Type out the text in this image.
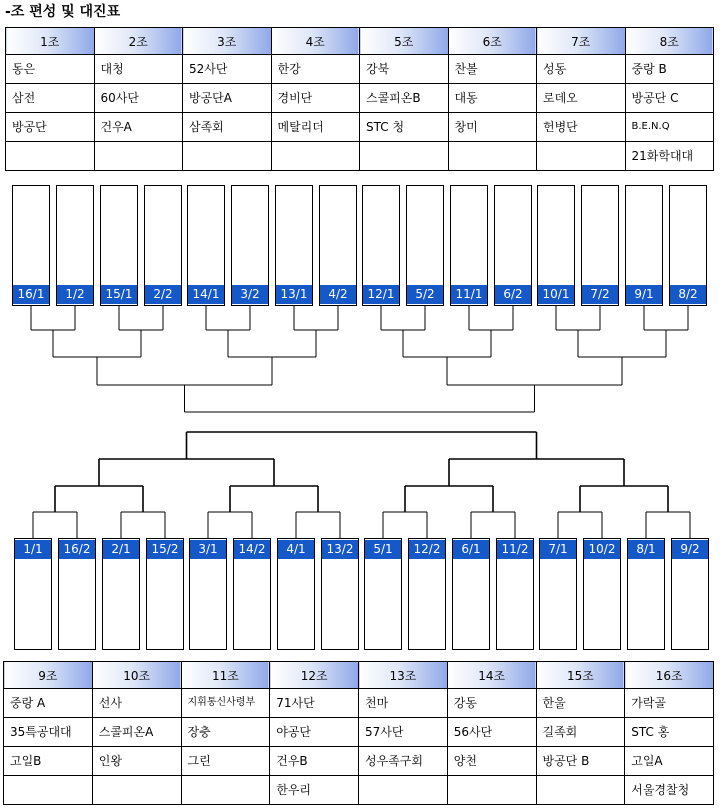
-조 편성 및 대진표
1조	2조	3조	4조	5조	6조	7조	8조
동은	대청	52사단	한강	강북	찬볼	성동	중랑 B
삼전	60사단	방공단A	경비단	스콜피온B	대동	로데오	방공단 C
방공단	건우A	삼족회	메탈리더	STC 청	창미	헌병단	B.E.N.Q
							21화학대대
16/1	1/2	15/1	2/2	14/1	3/2	13/1	4/2	12/1	5/2	11/1	6/2	10/1	7/2	9/1	8/2
1/1	16/2	2/1	15/2	3/1	14/2	4/1	13/2	5/1	12/2	6/1	11/2	7/1	10/2	8/1	9/2
9조	10조	11조	12조	13조	14조	15조	16조
중랑 A	선사	지휘통신사령부	71사단	천마	강동	한울	가락골
35특공대대	스콜피온A	장충	야공단	57사단	56사단	길족회	STC 홍
고일B	인왕	그린	건우B	성우족구회	양천	방공단 B	고일A
			한우리				서울경찰청
